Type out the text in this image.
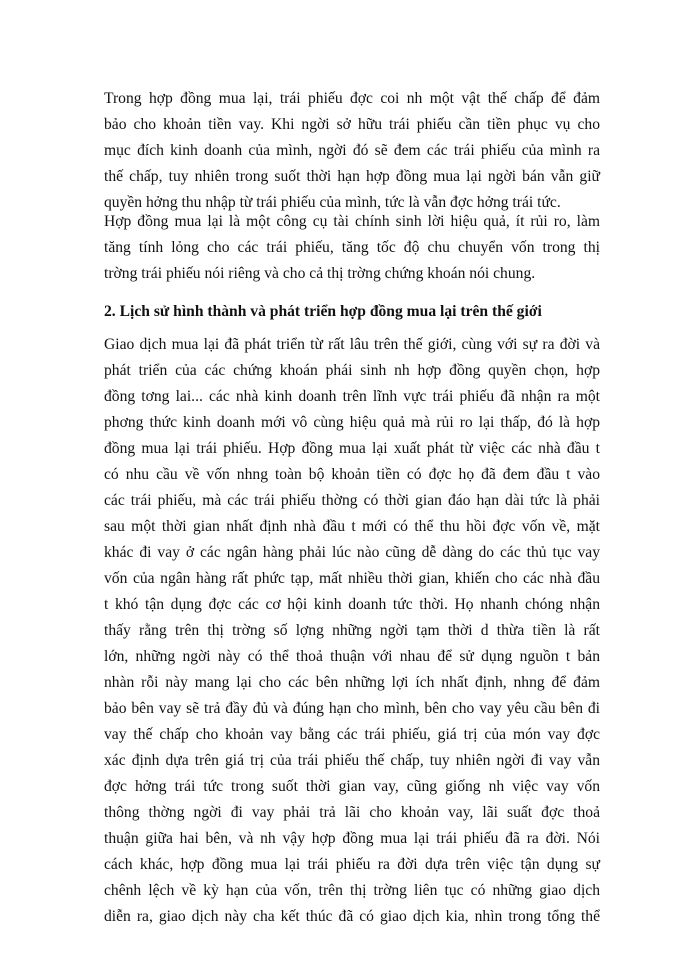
Trong hợp đồng mua lại, trái phiếu đợc coi nh một vật thế chấp để đảm
bảo cho khoản tiền vay. Khi ngời sở hữu trái phiếu cần tiền phục vụ cho
mục đích kinh doanh của mình, ngời đó sẽ đem các trái phiếu của mình ra
thế chấp, tuy nhiên trong suốt thời hạn hợp đồng mua lại ngời bán vẫn giữ
quyền hởng thu nhập từ trái phiếu của mình, tức là vẫn đợc hởng trái tức.
Hợp đồng mua lại là một công cụ tài chính sinh lời hiệu quả, ít rủi ro, làm
tăng tính lỏng cho các trái phiếu, tăng tốc độ chu chuyển vốn trong thị
trờng trái phiếu nói riêng và cho cả thị trờng chứng khoán nói chung.
2. Lịch sử hình thành và phát triển hợp đồng mua lại trên thế giới
Giao dịch mua lại đã phát triển từ rất lâu trên thế giới, cùng với sự ra đời và
phát triển của các chứng khoán phái sinh nh hợp đồng quyền chọn, hợp
đồng tơng lai... các nhà kinh doanh trên lĩnh vực trái phiếu đã nhận ra một
phơng thức kinh doanh mới vô cùng hiệu quả mà rủi ro lại thấp, đó là hợp
đồng mua lại trái phiếu. Hợp đồng mua lại xuất phát từ việc các nhà đầu t
có nhu cầu về vốn nhng toàn bộ khoản tiền có đợc họ đã đem đầu t vào
các trái phiếu, mà các trái phiếu thờng có thời gian đáo hạn dài tức là phải
sau một thời gian nhất định nhà đầu t mới có thể thu hồi đợc vốn về, mặt
khác đi vay ở các ngân hàng phải lúc nào cũng dễ dàng do các thủ tục vay
vốn của ngân hàng rất phức tạp, mất nhiều thời gian, khiến cho các nhà đầu
t khó tận dụng đợc các cơ hội kinh doanh tức thời. Họ nhanh chóng nhận
thấy rằng trên thị trờng số lợng những ngời tạm thời d thừa tiền là rất
lớn, những ngời này có thể thoả thuận với nhau để sử dụng nguồn t bản
nhàn rỗi này mang lại cho các bên những lợi ích nhất định, nhng để đảm
bảo bên vay sẽ trả đầy đủ và đúng hạn cho mình, bên cho vay yêu cầu bên đi
vay thế chấp cho khoản vay bằng các trái phiếu, giá trị của món vay đợc
xác định dựa trên giá trị của trái phiếu thế chấp, tuy nhiên ngời đi vay vẫn
đợc hởng trái tức trong suốt thời gian vay, cũng giống nh việc vay vốn
thông thờng ngời đi vay phải trả lãi cho khoản vay, lãi suất đợc thoả
thuận giữa hai bên, và nh vậy hợp đồng mua lại trái phiếu đã ra đời. Nói
cách khác, hợp đồng mua lại trái phiếu ra đời dựa trên việc tận dụng sự
chênh lệch về kỳ hạn của vốn, trên thị trờng liên tục có những giao dịch
diễn ra, giao dịch này cha kết thúc đã có giao dịch kia, nhìn trong tổng thể
